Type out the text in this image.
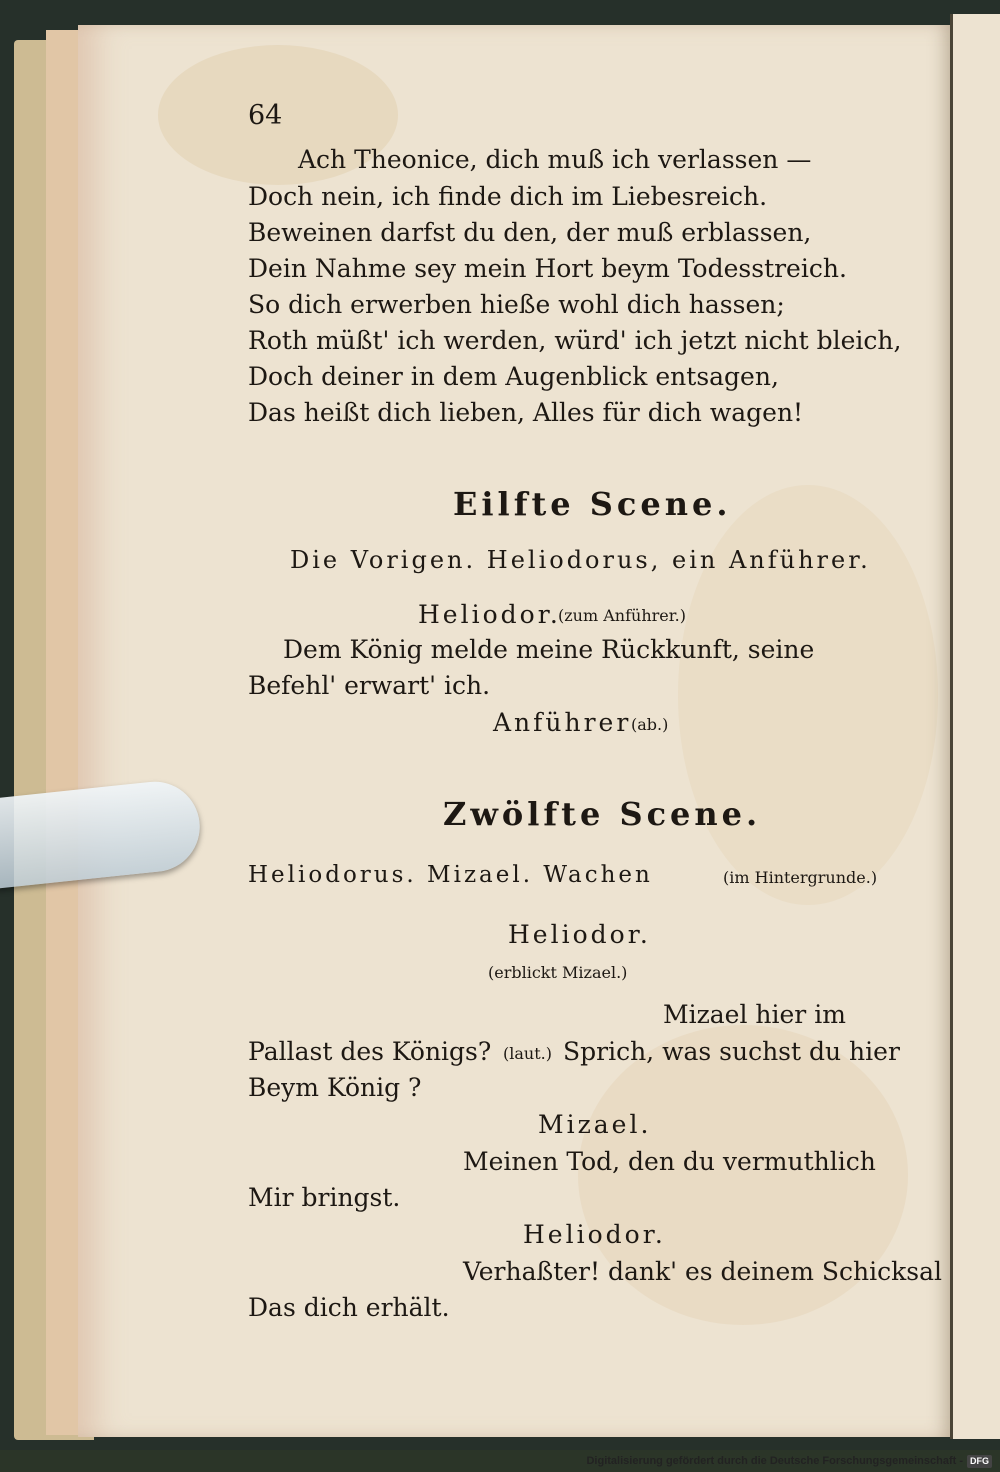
64
Ach Theonice, dich muß ich verlassen —
Doch nein, ich finde dich im Liebesreich.
Beweinen darfst du den, der muß erblassen,
Dein Nahme sey mein Hort beym Todesstreich.
So dich erwerben hieße wohl dich hassen;
Roth müßt' ich werden, würd' ich jetzt nicht bleich,
Doch deiner in dem Augenblick entsagen,
Das heißt dich lieben, Alles für dich wagen!
Eilfte Scene.
Die Vorigen. Heliodorus, ein Anführer.
Heliodor.
(zum Anführer.)
Dem König melde meine Rückkunft, seine
Befehl' erwart' ich.
Anführer (ab.)
Zwölfte Scene.
Heliodorus. Mizael. Wachen	(im Hintergrunde.)
Heliodor.
(erblickt Mizael.)
Mizael hier im
Pallast des Königs? (laut.) Sprich, was suchst du hier
Beym König ?
Mizael.
Meinen Tod, den du vermuthlich
Mir bringst.
Heliodor.
Verhaßter! dank' es deinem Schicksal
Das dich erhält.
Digitalisierung gefördert durch die Deutsche Forschungsgemeinschaft - DFG
